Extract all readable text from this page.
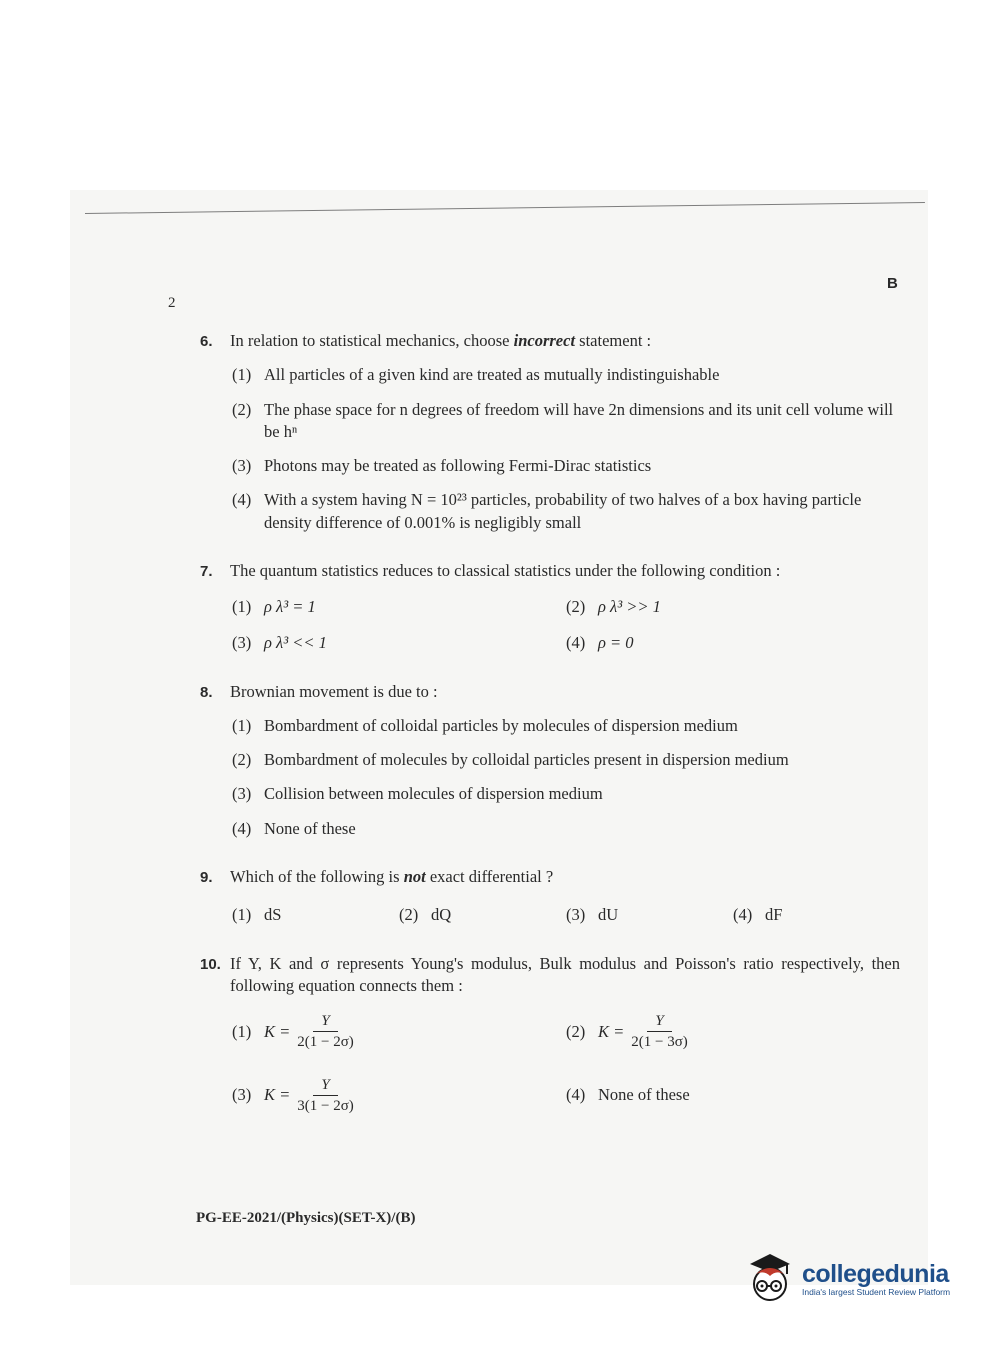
2
B
6.	In relation to statistical mechanics, choose incorrect statement :
(1) All particles of a given kind are treated as mutually indistinguishable
(2) The phase space for n degrees of freedom will have 2n dimensions and its unit cell volume will be hⁿ
(3) Photons may be treated as following Fermi-Dirac statistics
(4) With a system having N = 10²³ particles, probability of two halves of a box having particle density difference of 0.001% is negligibly small
7.	The quantum statistics reduces to classical statistics under the following condition :
(1) ρ λ³ = 1	(2) ρ λ³ >> 1
(3) ρ λ³ << 1	(4) ρ = 0
8.	Brownian movement is due to :
(1) Bombardment of colloidal particles by molecules of dispersion medium
(2) Bombardment of molecules by colloidal particles present in dispersion medium
(3) Collision between molecules of dispersion medium
(4) None of these
9.	Which of the following is not exact differential ?
(1) dS	(2) dQ	(3) dU	(4) dF
10. If Y, K and σ represents Young's modulus, Bulk modulus and Poisson's ratio respectively, then following equation connects them :
(1) $K = \frac{Y}{2(1 - 2\sigma)}$	(2) $K = \frac{Y}{2(1 - 3\sigma)}$
(3) $K = \frac{Y}{3(1 - 2\sigma)}$	(4) None of these
PG-EE-2021/(Physics)(SET-X)/(B)
collegedunia
India's largest Student Review Platform
